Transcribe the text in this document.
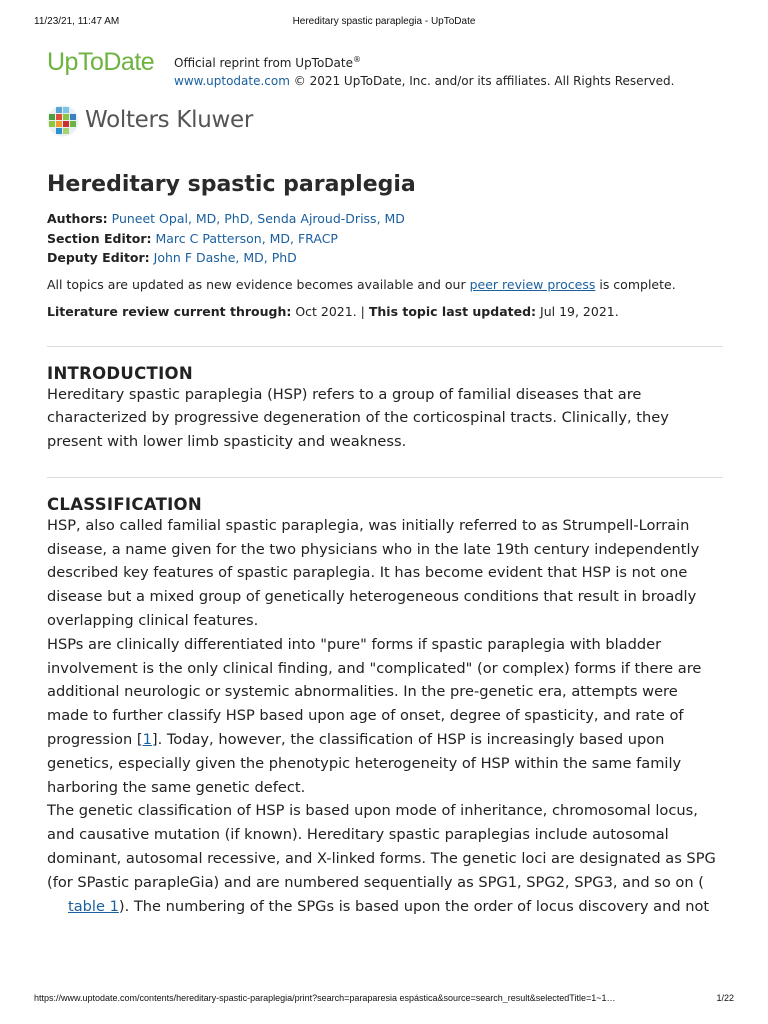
11/23/21, 11:47 AM	Hereditary spastic paraplegia - UpToDate
UpToDate Official reprint from UpToDate®
www.uptodate.com © 2021 UpToDate, Inc. and/or its affiliates. All Rights Reserved.
Wolters Kluwer
Hereditary spastic paraplegia
Authors: Puneet Opal, MD, PhD, Senda Ajroud-Driss, MD
Section Editor: Marc C Patterson, MD, FRACP
Deputy Editor: John F Dashe, MD, PhD
All topics are updated as new evidence becomes available and our peer review process is complete.
Literature review current through: Oct 2021. | This topic last updated: Jul 19, 2021.
INTRODUCTION

Hereditary spastic paraplegia (HSP) refers to a group of familial diseases that are characterized by progressive degeneration of the corticospinal tracts. Clinically, they present with lower limb spasticity and weakness.

CLASSIFICATION

HSP, also called familial spastic paraplegia, was initially referred to as Strumpell-Lorrain disease, a name given for the two physicians who in the late 19th century independently described key features of spastic paraplegia. It has become evident that HSP is not one disease but a mixed group of genetically heterogeneous conditions that result in broadly overlapping clinical features.

HSPs are clinically differentiated into "pure" forms if spastic paraplegia with bladder involvement is the only clinical finding, and "complicated" (or complex) forms if there are additional neurologic or systemic abnormalities. In the pre-genetic era, attempts were made to further classify HSP based upon age of onset, degree of spasticity, and rate of progression [1]. Today, however, the classification of HSP is increasingly based upon genetics, especially given the phenotypic heterogeneity of HSP within the same family harboring the same genetic defect.

The genetic classification of HSP is based upon mode of inheritance, chromosomal locus, and causative mutation (if known). Hereditary spastic paraplegias include autosomal dominant, autosomal recessive, and X-linked forms. The genetic loci are designated as SPG (for SPastic parapleGia) and are numbered sequentially as SPG1, SPG2, SPG3, and so on (
table 1). The numbering of the SPGs is based upon the order of locus discovery and not

https://www.uptodate.com/contents/hereditary-spastic-paraplegia/print?search=paraparesia espástica&source=search_result&selectedTitle=1~1…	1/22
